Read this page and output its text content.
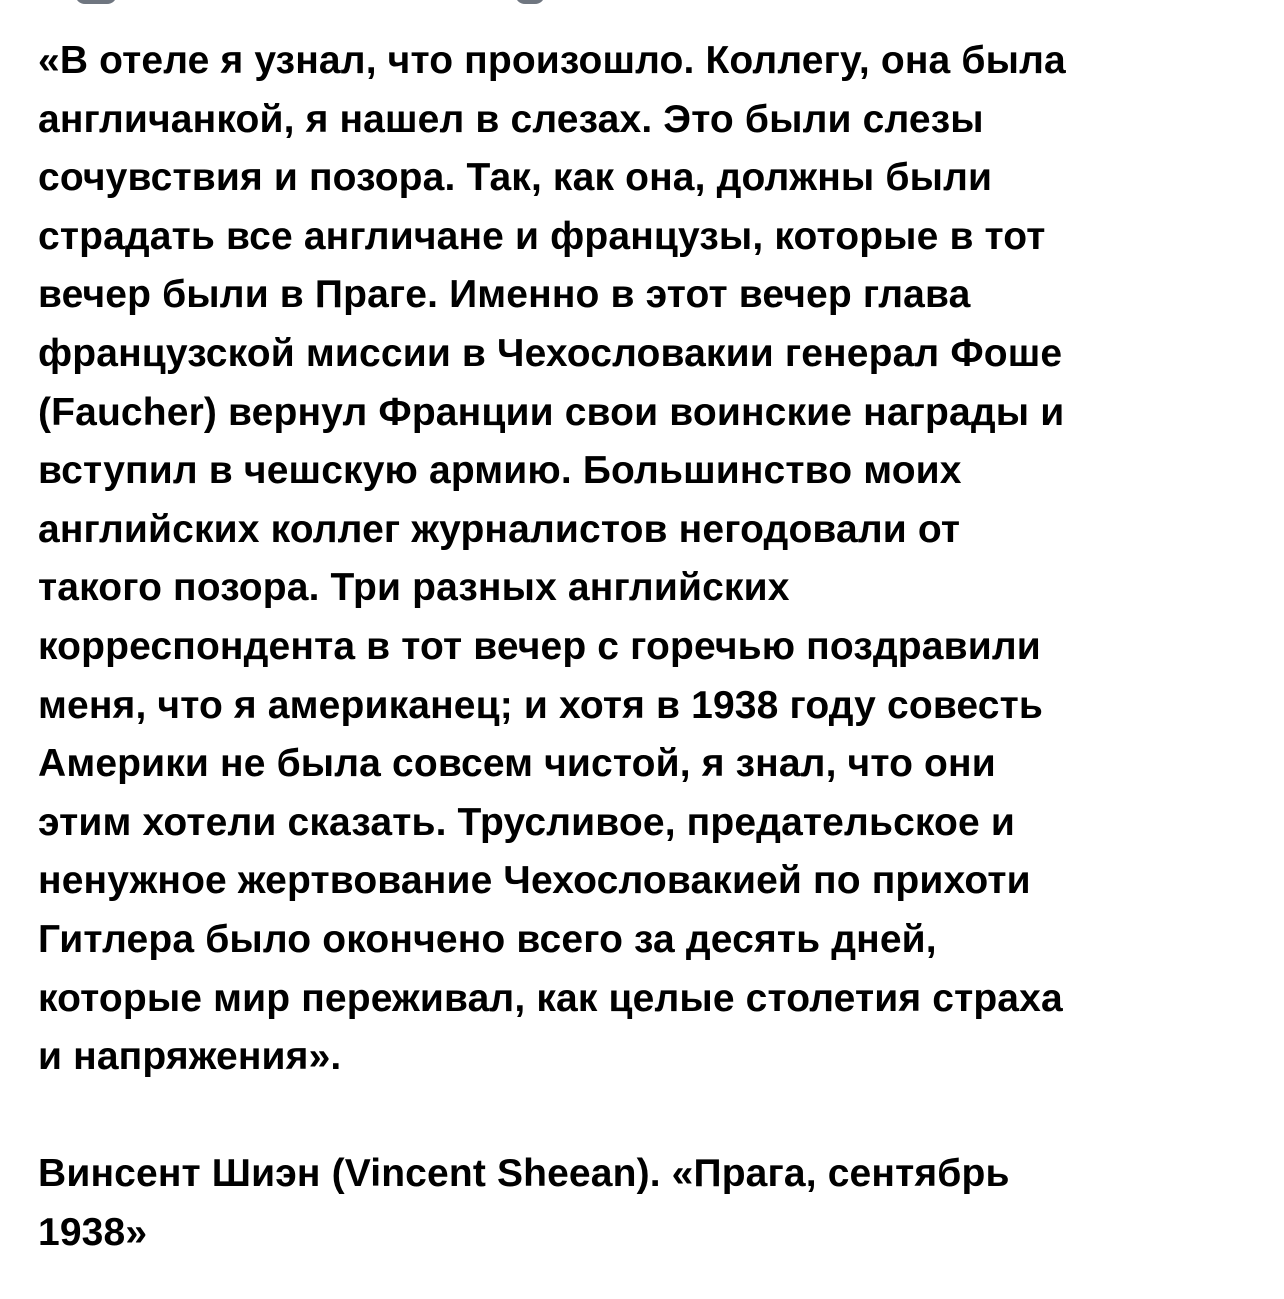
«В отеле я узнал, что произошло. Коллегу, она была
англичанкой, я нашел в слезах. Это были слезы
сочувствия и позора. Так, как она, должны были
страдать все англичане и французы, которые в тот
вечер были в Праге. Именно в этот вечер глава
французской миссии в Чехословакии генерал Фоше
(Faucher) вернул Франции свои воинские награды и
вступил в чешскую армию. Большинство моих
английских коллег журналистов негодовали от
такого позора. Три разных английских
корреспондента в тот вечер с горечью поздравили
меня, что я американец; и хотя в 1938 году совесть
Америки не была совсем чистой, я знал, что они
этим хотели сказать. Трусливое, предательское и
ненужное жертвование Чехословакией по прихоти
Гитлера было окончено всего за десять дней,
которые мир переживал, как целые столетия страха
и напряжения».
Винсент Шиэн (Vincent Sheean). «Прага, сентябрь
1938»
